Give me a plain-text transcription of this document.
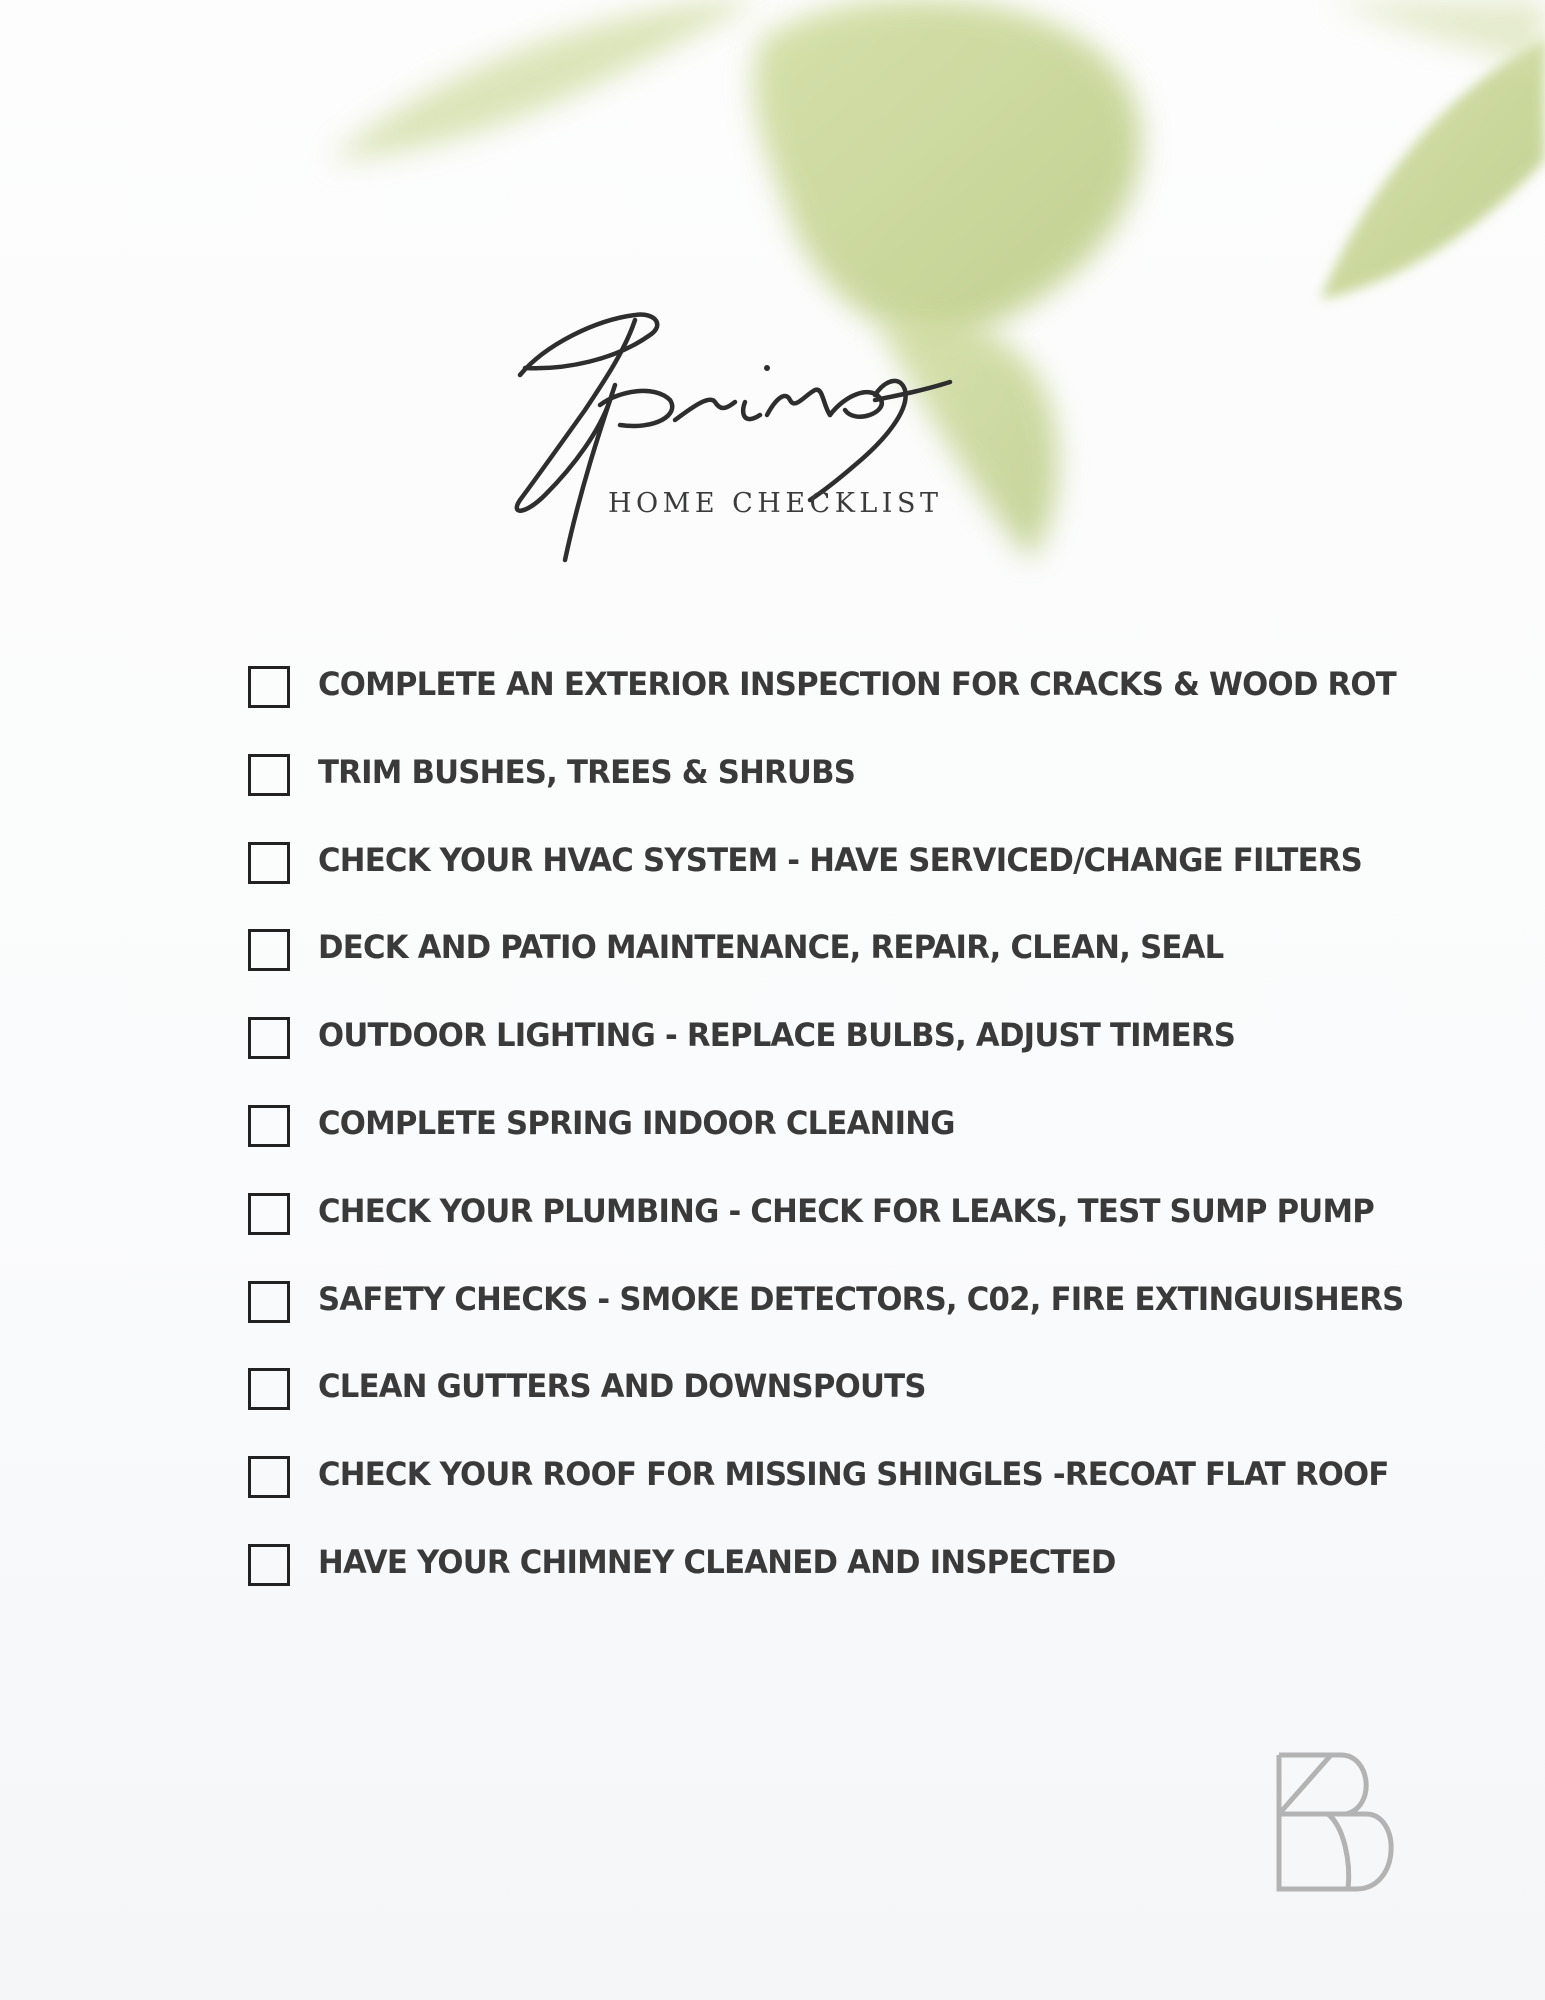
HOME CHECKLIST
COMPLETE AN EXTERIOR INSPECTION FOR CRACKS & WOOD ROT
TRIM BUSHES, TREES & SHRUBS
CHECK YOUR HVAC SYSTEM - HAVE SERVICED/CHANGE FILTERS
DECK AND PATIO MAINTENANCE, REPAIR, CLEAN, SEAL
OUTDOOR LIGHTING - REPLACE BULBS, ADJUST TIMERS
COMPLETE SPRING INDOOR CLEANING
CHECK YOUR PLUMBING - CHECK FOR LEAKS, TEST SUMP PUMP
SAFETY CHECKS - SMOKE DETECTORS, C02, FIRE EXTINGUISHERS
CLEAN GUTTERS AND DOWNSPOUTS
CHECK YOUR ROOF FOR MISSING SHINGLES -RECOAT FLAT ROOF
HAVE YOUR CHIMNEY CLEANED AND INSPECTED
